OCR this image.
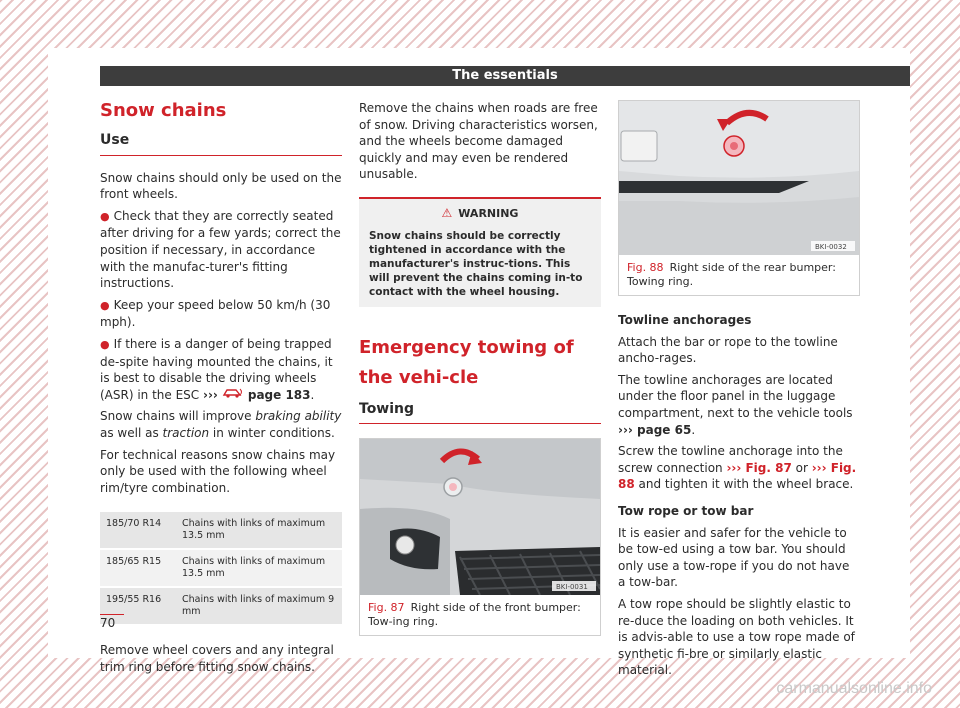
The essentials
Snow chains
Use

Snow chains should only be used on the front wheels.

● Check that they are correctly seated after driving for a few yards; correct the position if necessary, in accordance with the manufac-turer's fitting instructions.

● Keep your speed below 50 km/h (30 mph).

● If there is a danger of being trapped de-spite having mounted the chains, it is best to disable the driving wheels (ASR) in the ESC ›››  page 183.

Snow chains will improve braking ability as well as traction in winter conditions.

For technical reasons snow chains may only be used with the following wheel rim/tyre combination.

185/70 R14	Chains with links of maximum 13.5 mm
185/65 R15	Chains with links of maximum 13.5 mm
195/55 R16	Chains with links of maximum 9 mm

Remove wheel covers and any integral trim ring before fitting snow chains.

Remove the chains when roads are free of snow. Driving characteristics worsen, and the wheels become damaged quickly and may even be rendered unusable.

⚠ WARNING
Snow chains should be correctly tightened in accordance with the manufacturer's instruc-tions. This will prevent the chains coming in-to contact with the wheel housing.
Emergency towing of the vehi-cle
Towing
BKI-0031
Fig. 87 Right side of the front bumper: Tow-ing ring.
BKI-0032
Fig. 88 Right side of the rear bumper: Towing ring.

Towline anchorages

Attach the bar or rope to the towline ancho-rages.

The towline anchorages are located under the floor panel in the luggage compartment, next to the vehicle tools ››› page 65.

Screw the towline anchorage into the screw connection ››› Fig. 87 or ››› Fig. 88 and tighten it with the wheel brace.

Tow rope or tow bar

It is easier and safer for the vehicle to be tow-ed using a tow bar. You should only use a tow-rope if you do not have a tow-bar.

A tow rope should be slightly elastic to re-duce the loading on both vehicles. It is advis-able to use a tow rope made of synthetic fi-bre or similarly elastic material.

70
carmanualsonline.info
